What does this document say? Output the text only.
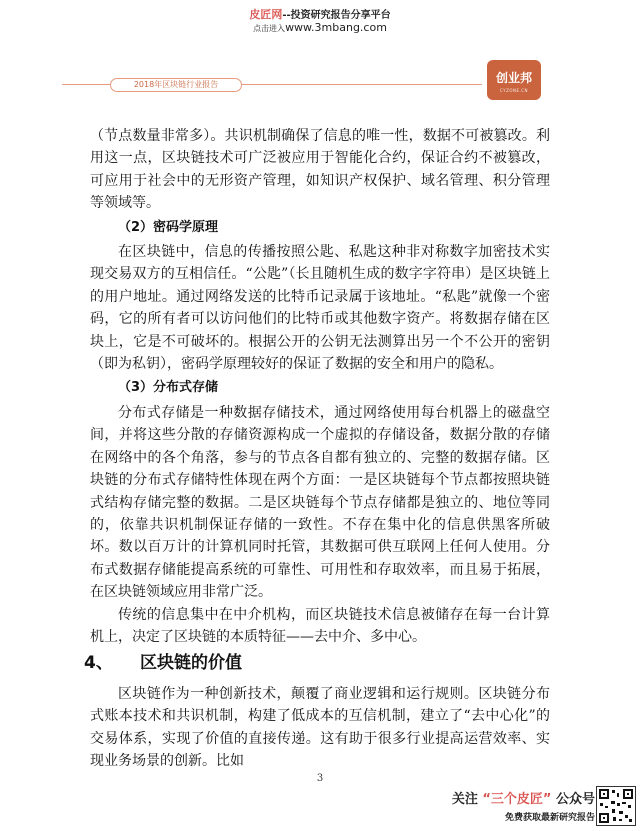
皮匠网--投资研究报告分享平台
点击进入www.3mbang.com
2018年区块链行业报告	创业邦
CYZONE.CN

（节点数量非常多）。共识机制确保了信息的唯一性，数据不可被篡改。利用这一点，区块链技术可广泛被应用于智能化合约，保证合约不被篡改，可应用于社会中的无形资产管理，如知识产权保护、域名管理、积分管理等领域等。

（2）密码学原理

在区块链中，信息的传播按照公匙、私匙这种非对称数字加密技术实现交易双方的互相信任。“公匙”（长且随机生成的数字字符串）是区块链上的用户地址。通过网络发送的比特币记录属于该地址。“私匙”就像一个密码，它的所有者可以访问他们的比特币或其他数字资产。将数据存储在区块上，它是不可破坏的。根据公开的公钥无法测算出另一个不公开的密钥（即为私钥），密码学原理较好的保证了数据的安全和用户的隐私。

（3）分布式存储

分布式存储是一种数据存储技术，通过网络使用每台机器上的磁盘空间，并将这些分散的存储资源构成一个虚拟的存储设备，数据分散的存储在网络中的各个角落，参与的节点各自都有独立的、完整的数据存储。区块链的分布式存储特性体现在两个方面：一是区块链每个节点都按照块链式结构存储完整的数据。二是区块链每个节点存储都是独立的、地位等同的，依靠共识机制保证存储的一致性。不存在集中化的信息供黑客所破坏。数以百万计的计算机同时托管，其数据可供互联网上任何人使用。分布式数据存储能提高系统的可靠性、可用性和存取效率，而且易于拓展，在区块链领域应用非常广泛。

传统的信息集中在中介机构，而区块链技术信息被储存在每一台计算机上，决定了区块链的本质特征——去中介、多中心。

4、 区块链的价值

区块链作为一种创新技术，颠覆了商业逻辑和运行规则。区块链分布式账本技术和共识机制，构建了低成本的互信机制，建立了“去中心化”的交易体系，实现了价值的直接传递。这有助于很多行业提高运营效率、实现业务场景的创新。比如

3
关注 “三个皮匠” 公众号
免费获取最新研究报告
